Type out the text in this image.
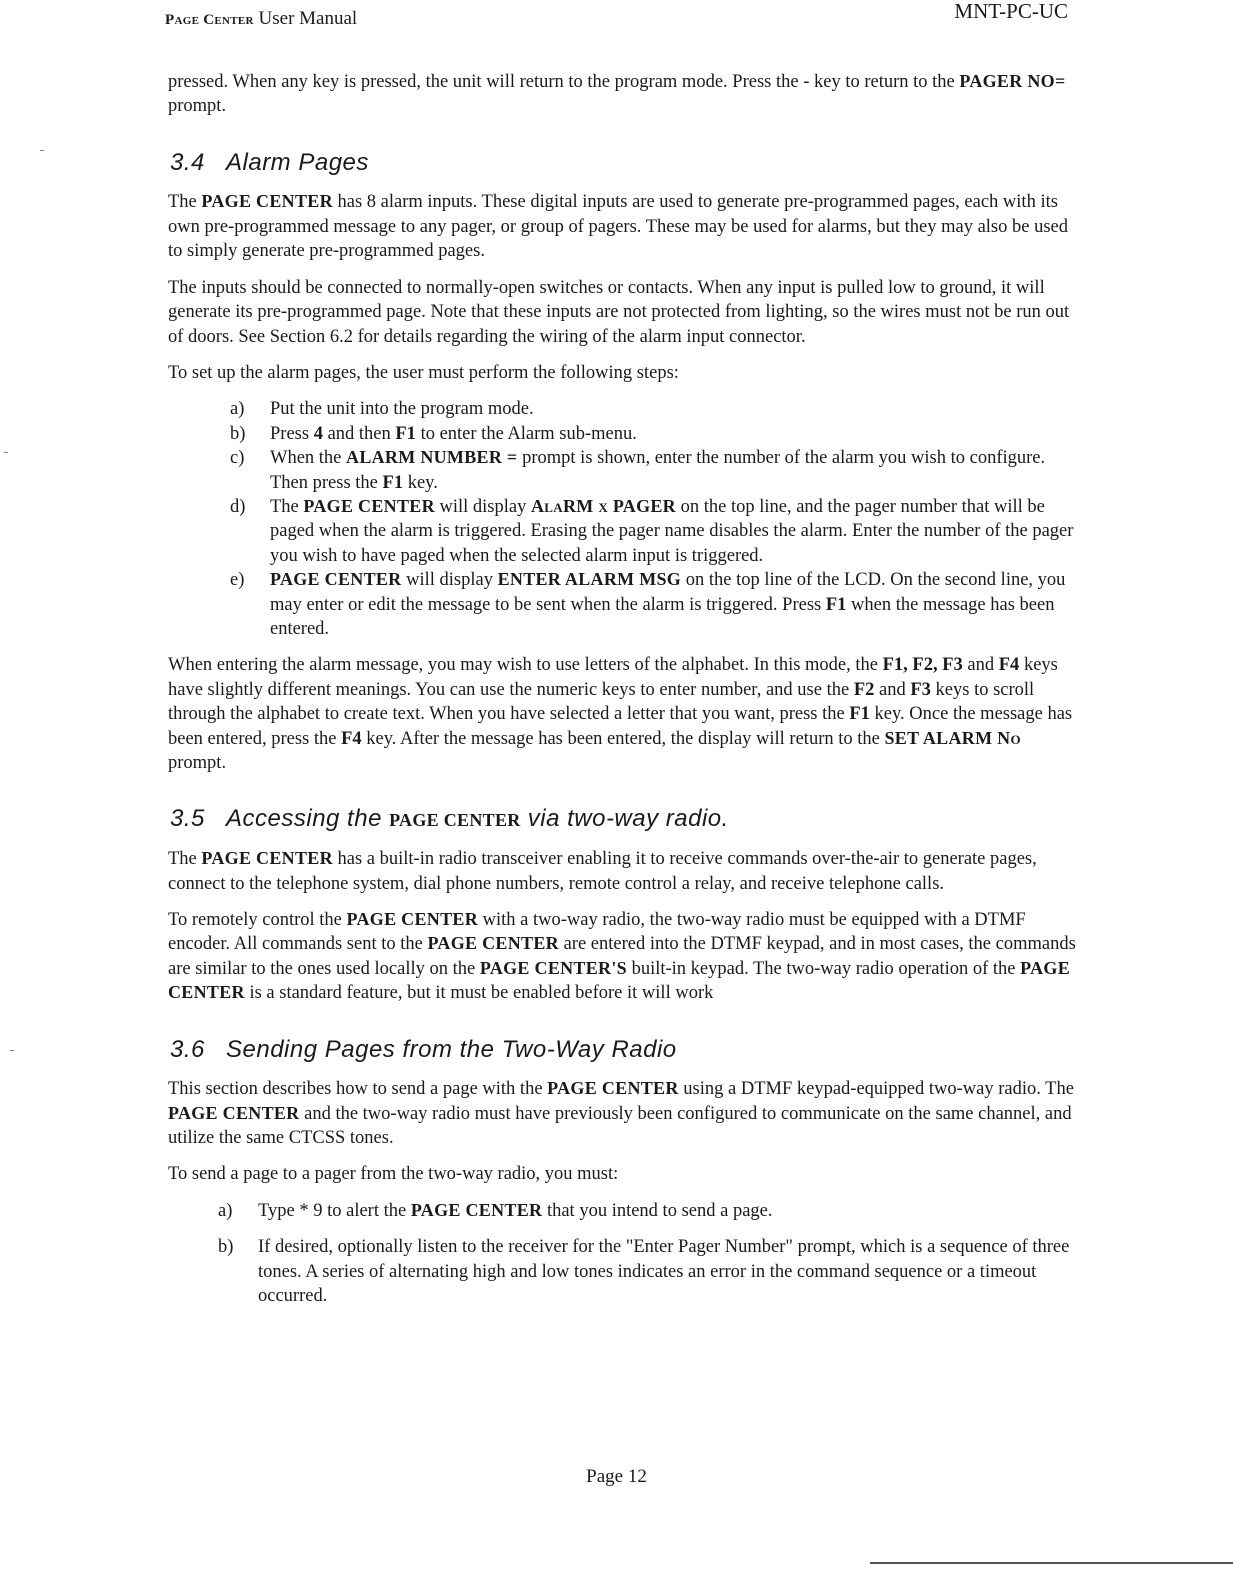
Page Center User Manual	MNT-PC-UC

pressed. When any key is pressed, the unit will return to the program mode. Press the - key to return to the PAGER NO= prompt.

3.4 Alarm Pages

The PAGE CENTER has 8 alarm inputs. These digital inputs are used to generate pre-programmed pages, each with its own pre-programmed message to any pager, or group of pagers. These may be used for alarms, but they may also be used to simply generate pre-programmed pages.

The inputs should be connected to normally-open switches or contacts. When any input is pulled low to ground, it will generate its pre-programmed page. Note that these inputs are not protected from lighting, so the wires must not be run out of doors. See Section 6.2 for details regarding the wiring of the alarm input connector.

To set up the alarm pages, the user must perform the following steps:

a) Put the unit into the program mode.
b) Press 4 and then F1 to enter the Alarm sub-menu.
c) When the ALARM NUMBER = prompt is shown, enter the number of the alarm you wish to configure. Then press the F1 key.
d) The PAGE CENTER will display AlaRM x PAGER on the top line, and the pager number that will be paged when the alarm is triggered. Erasing the pager name disables the alarm. Enter the number of the pager you wish to have paged when the selected alarm input is triggered.
e) PAGE CENTER will display ENTER ALARM MSG on the top line of the LCD. On the second line, you may enter or edit the message to be sent when the alarm is triggered. Press F1 when the message has been entered.

When entering the alarm message, you may wish to use letters of the alphabet. In this mode, the F1, F2, F3 and F4 keys have slightly different meanings. You can use the numeric keys to enter number, and use the F2 and F3 keys to scroll through the alphabet to create text. When you have selected a letter that you want, press the F1 key. Once the message has been entered, press the F4 key. After the message has been entered, the display will return to the SET ALARM No prompt.

3.5 Accessing the PAGE CENTER via two-way radio.

The PAGE CENTER has a built-in radio transceiver enabling it to receive commands over-the-air to generate pages, connect to the telephone system, dial phone numbers, remote control a relay, and receive telephone calls.

To remotely control the PAGE CENTER with a two-way radio, the two-way radio must be equipped with a DTMF encoder. All commands sent to the PAGE CENTER are entered into the DTMF keypad, and in most cases, the commands are similar to the ones used locally on the PAGE CENTER'S built-in keypad. The two-way radio operation of the PAGE CENTER is a standard feature, but it must be enabled before it will work

3.6 Sending Pages from the Two-Way Radio

This section describes how to send a page with the PAGE CENTER using a DTMF keypad-equipped two-way radio. The PAGE CENTER and the two-way radio must have previously been configured to communicate on the same channel, and utilize the same CTCSS tones.

To send a page to a pager from the two-way radio, you must:

a) Type * 9 to alert the PAGE CENTER that you intend to send a page.
b) If desired, optionally listen to the receiver for the "Enter Pager Number" prompt, which is a sequence of three tones. A series of alternating high and low tones indicates an error in the command sequence or a timeout occurred.
Page 12
